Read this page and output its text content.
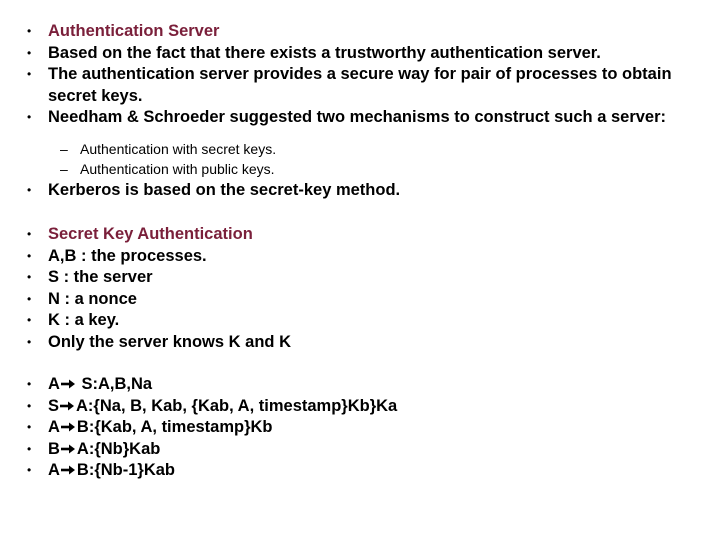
• Authentication Server
• Based on the fact that there exists a trustworthy authentication server.
• The authentication server provides a secure way for pair of processes to obtain secret keys.
• Needham & Schroeder suggested two mechanisms to construct such a server:
– Authentication with secret keys.
– Authentication with public keys.
• Kerberos is based on the secret-key method.
• Secret Key Authentication
• A,B : the processes.
• S : the server
• N : a nonce
• K : a key.
• Only the server knows K and K
• A
S:A,B,Na
• S A:{Na, B, Kab, {Kab, A, timestamp}Kb}Ka
• A B:{Kab, A, timestamp}Kb
• B A:{Nb}Kab
• A B:{Nb-1}Kab
